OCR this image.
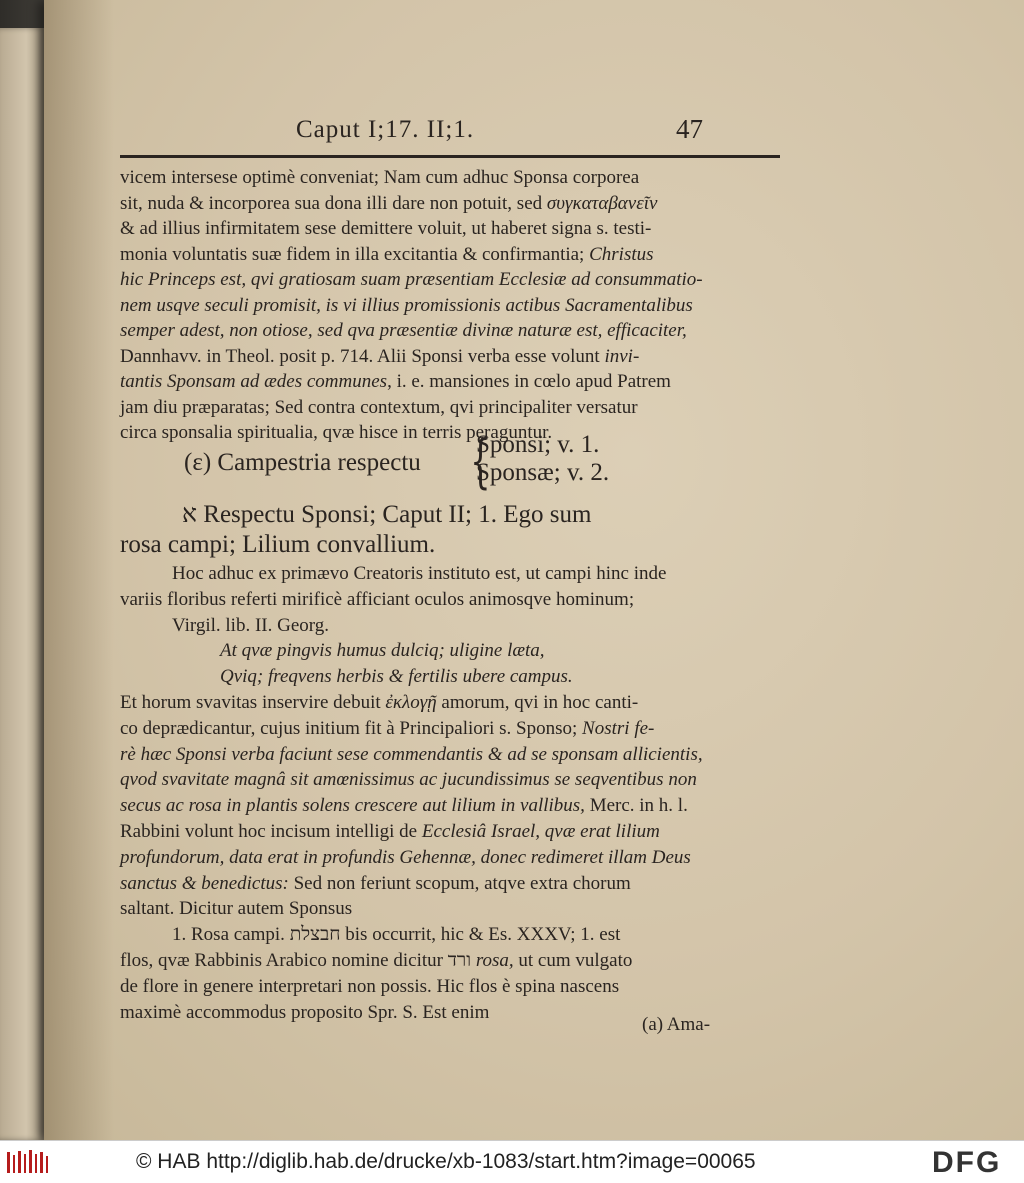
Caput I;17. II;1.	47
vicem intersese optimè conveniat; Nam cum adhuc Sponsa corporea
sit, nuda & incorporea sua dona illi dare non potuit, sed συγκαταβανεῖν
& ad illius infirmitatem sese demittere voluit, ut haberet signa s. testi-
monia voluntatis suæ fidem in illa excitantia & confirmantia; Christus
hic Princeps est, qvi gratiosam suam præsentiam Ecclesiæ ad consummatio-
nem usqve seculi promisit, is vi illius promissionis actibus Sacramentalibus
semper adest, non otiose, sed qva præsentiæ divinæ naturæ est, efficaciter,
Dannhavv. in Theol. posit p. 714. Alii Sponsi verba esse volunt invi-
tantis Sponsam ad ædes communes, i. e. mansiones in cœlo apud Patrem
jam diu præparatas; Sed contra contextum, qvi principaliter versatur
circa sponsalia spiritualia, qvæ hisce in terris peraguntur.
(ε) Campestria respectu {
Sponsi; v. 1.
Sponsæ; v. 2.
א Respectu Sponsi; Caput II; 1. Ego sum
rosa campi; Lilium convallium.
Hoc adhuc ex primævo Creatoris instituto est, ut campi hinc inde
variis floribus referti mirificè afficiant oculos animosqve hominum;
Virgil. lib. II. Georg.
At qvæ pingvis humus dulciq; uligine læta,
Qviq; freqvens herbis & fertilis ubere campus.
Et horum svavitas inservire debuit ἐκλογῇ amorum, qvi in hoc canti-
co deprædicantur, cujus initium fit à Principaliori s. Sponso; Nostri fe-
rè hæc Sponsi verba faciunt sese commendantis & ad se sponsam allicientis,
qvod svavitate magnâ sit amœnissimus ac jucundissimus se seqventibus non
secus ac rosa in plantis solens crescere aut lilium in vallibus, Merc. in h. l.
Rabbini volunt hoc incisum intelligi de Ecclesiâ Israel, qvæ erat lilium
profundorum, data erat in profundis Gehennæ, donec redimeret illam Deus
sanctus & benedictus: Sed non feriunt scopum, atqve extra chorum
saltant. Dicitur autem Sponsus
1. Rosa campi. חבצלת bis occurrit, hic & Es. XXXV; 1. est
flos, qvæ Rabbinis Arabico nomine dicitur ורד rosa, ut cum vulgato
de flore in genere interpretari non possis. Hic flos è spina nascens
maximè accommodus proposito Spr. S. Est enim
(a) Ama-
© HAB http://diglib.hab.de/drucke/xb-1083/start.htm?image=00065	DFG
